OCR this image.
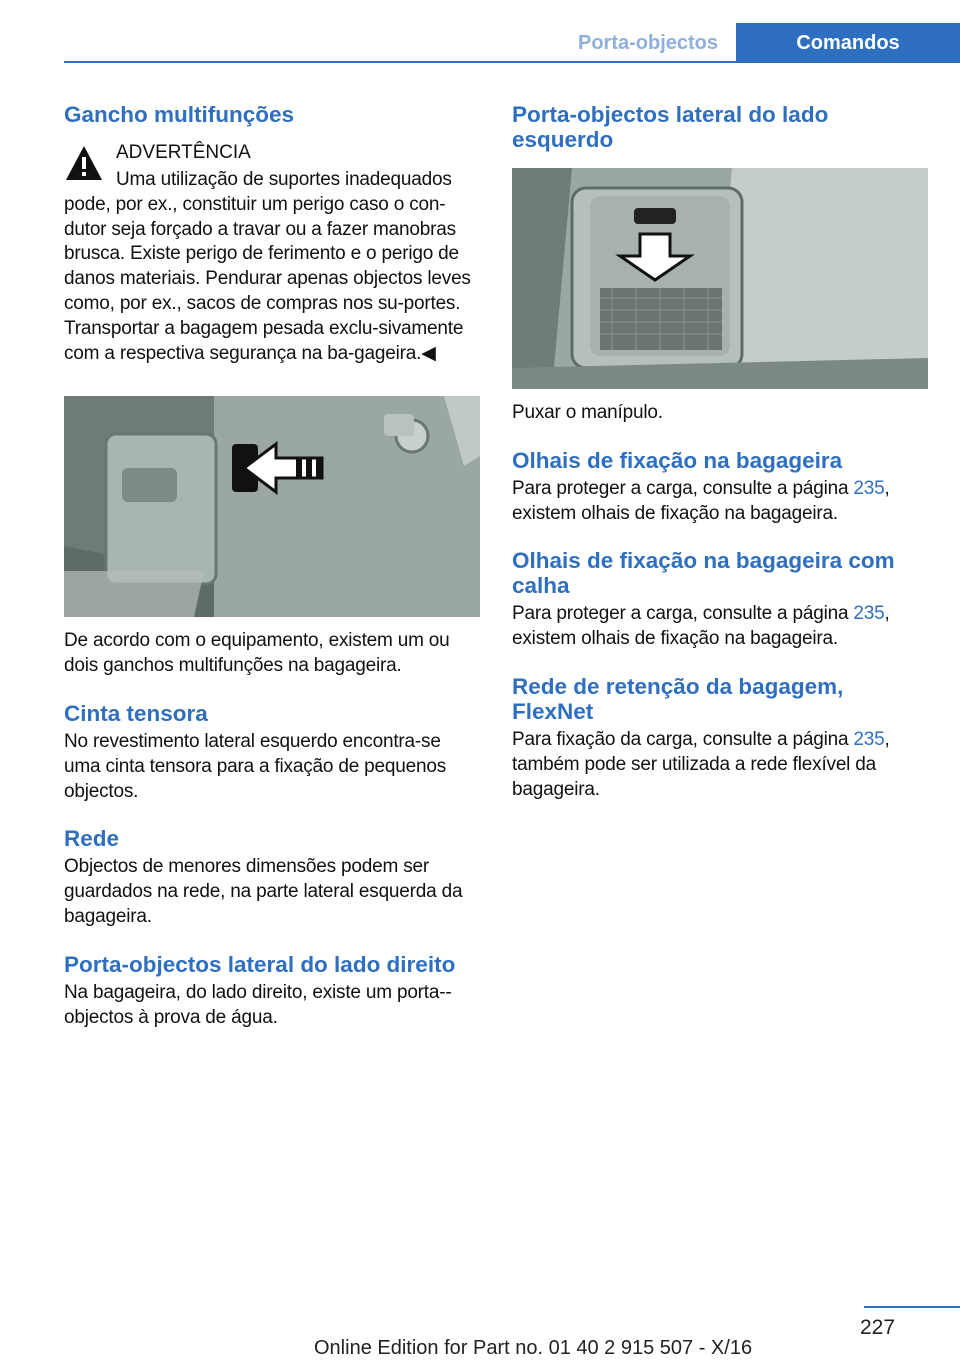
Porta-objectos	Comandos
Gancho multifunções
ADVERTÊNCIA
Uma utilização de suportes inadequados

pode, por ex., constituir um perigo caso o con‐dutor seja forçado a travar ou a fazer manobras brusca. Existe perigo de ferimento e o perigo de danos materiais. Pendurar apenas objectos leves como, por ex., sacos de compras nos su‐portes. Transportar a bagagem pesada exclu‐sivamente com a respectiva segurança na ba‐gageira.◀

De acordo com o equipamento, existem um ou dois ganchos multifunções na bagageira.

Cinta tensora

No revestimento lateral esquerdo encontra-se uma cinta tensora para a fixação de pequenos objectos.

Rede

Objectos de menores dimensões podem ser guardados na rede, na parte lateral esquerda da bagageira.

Porta-objectos lateral do lado direito

Na bagageira, do lado direito, existe um porta--objectos à prova de água.

Porta-objectos lateral do lado esquerdo

Puxar o manípulo.

Olhais de fixação na bagageira

Para proteger a carga, consulte a página 235, existem olhais de fixação na bagageira.

Olhais de fixação na bagageira com calha

Para proteger a carga, consulte a página 235, existem olhais de fixação na bagageira.

Rede de retenção da bagagem, FlexNet

Para fixação da carga, consulte a página 235, também pode ser utilizada a rede flexível da bagageira.

227
Online Edition for Part no. 01 40 2 915 507 - X/16
